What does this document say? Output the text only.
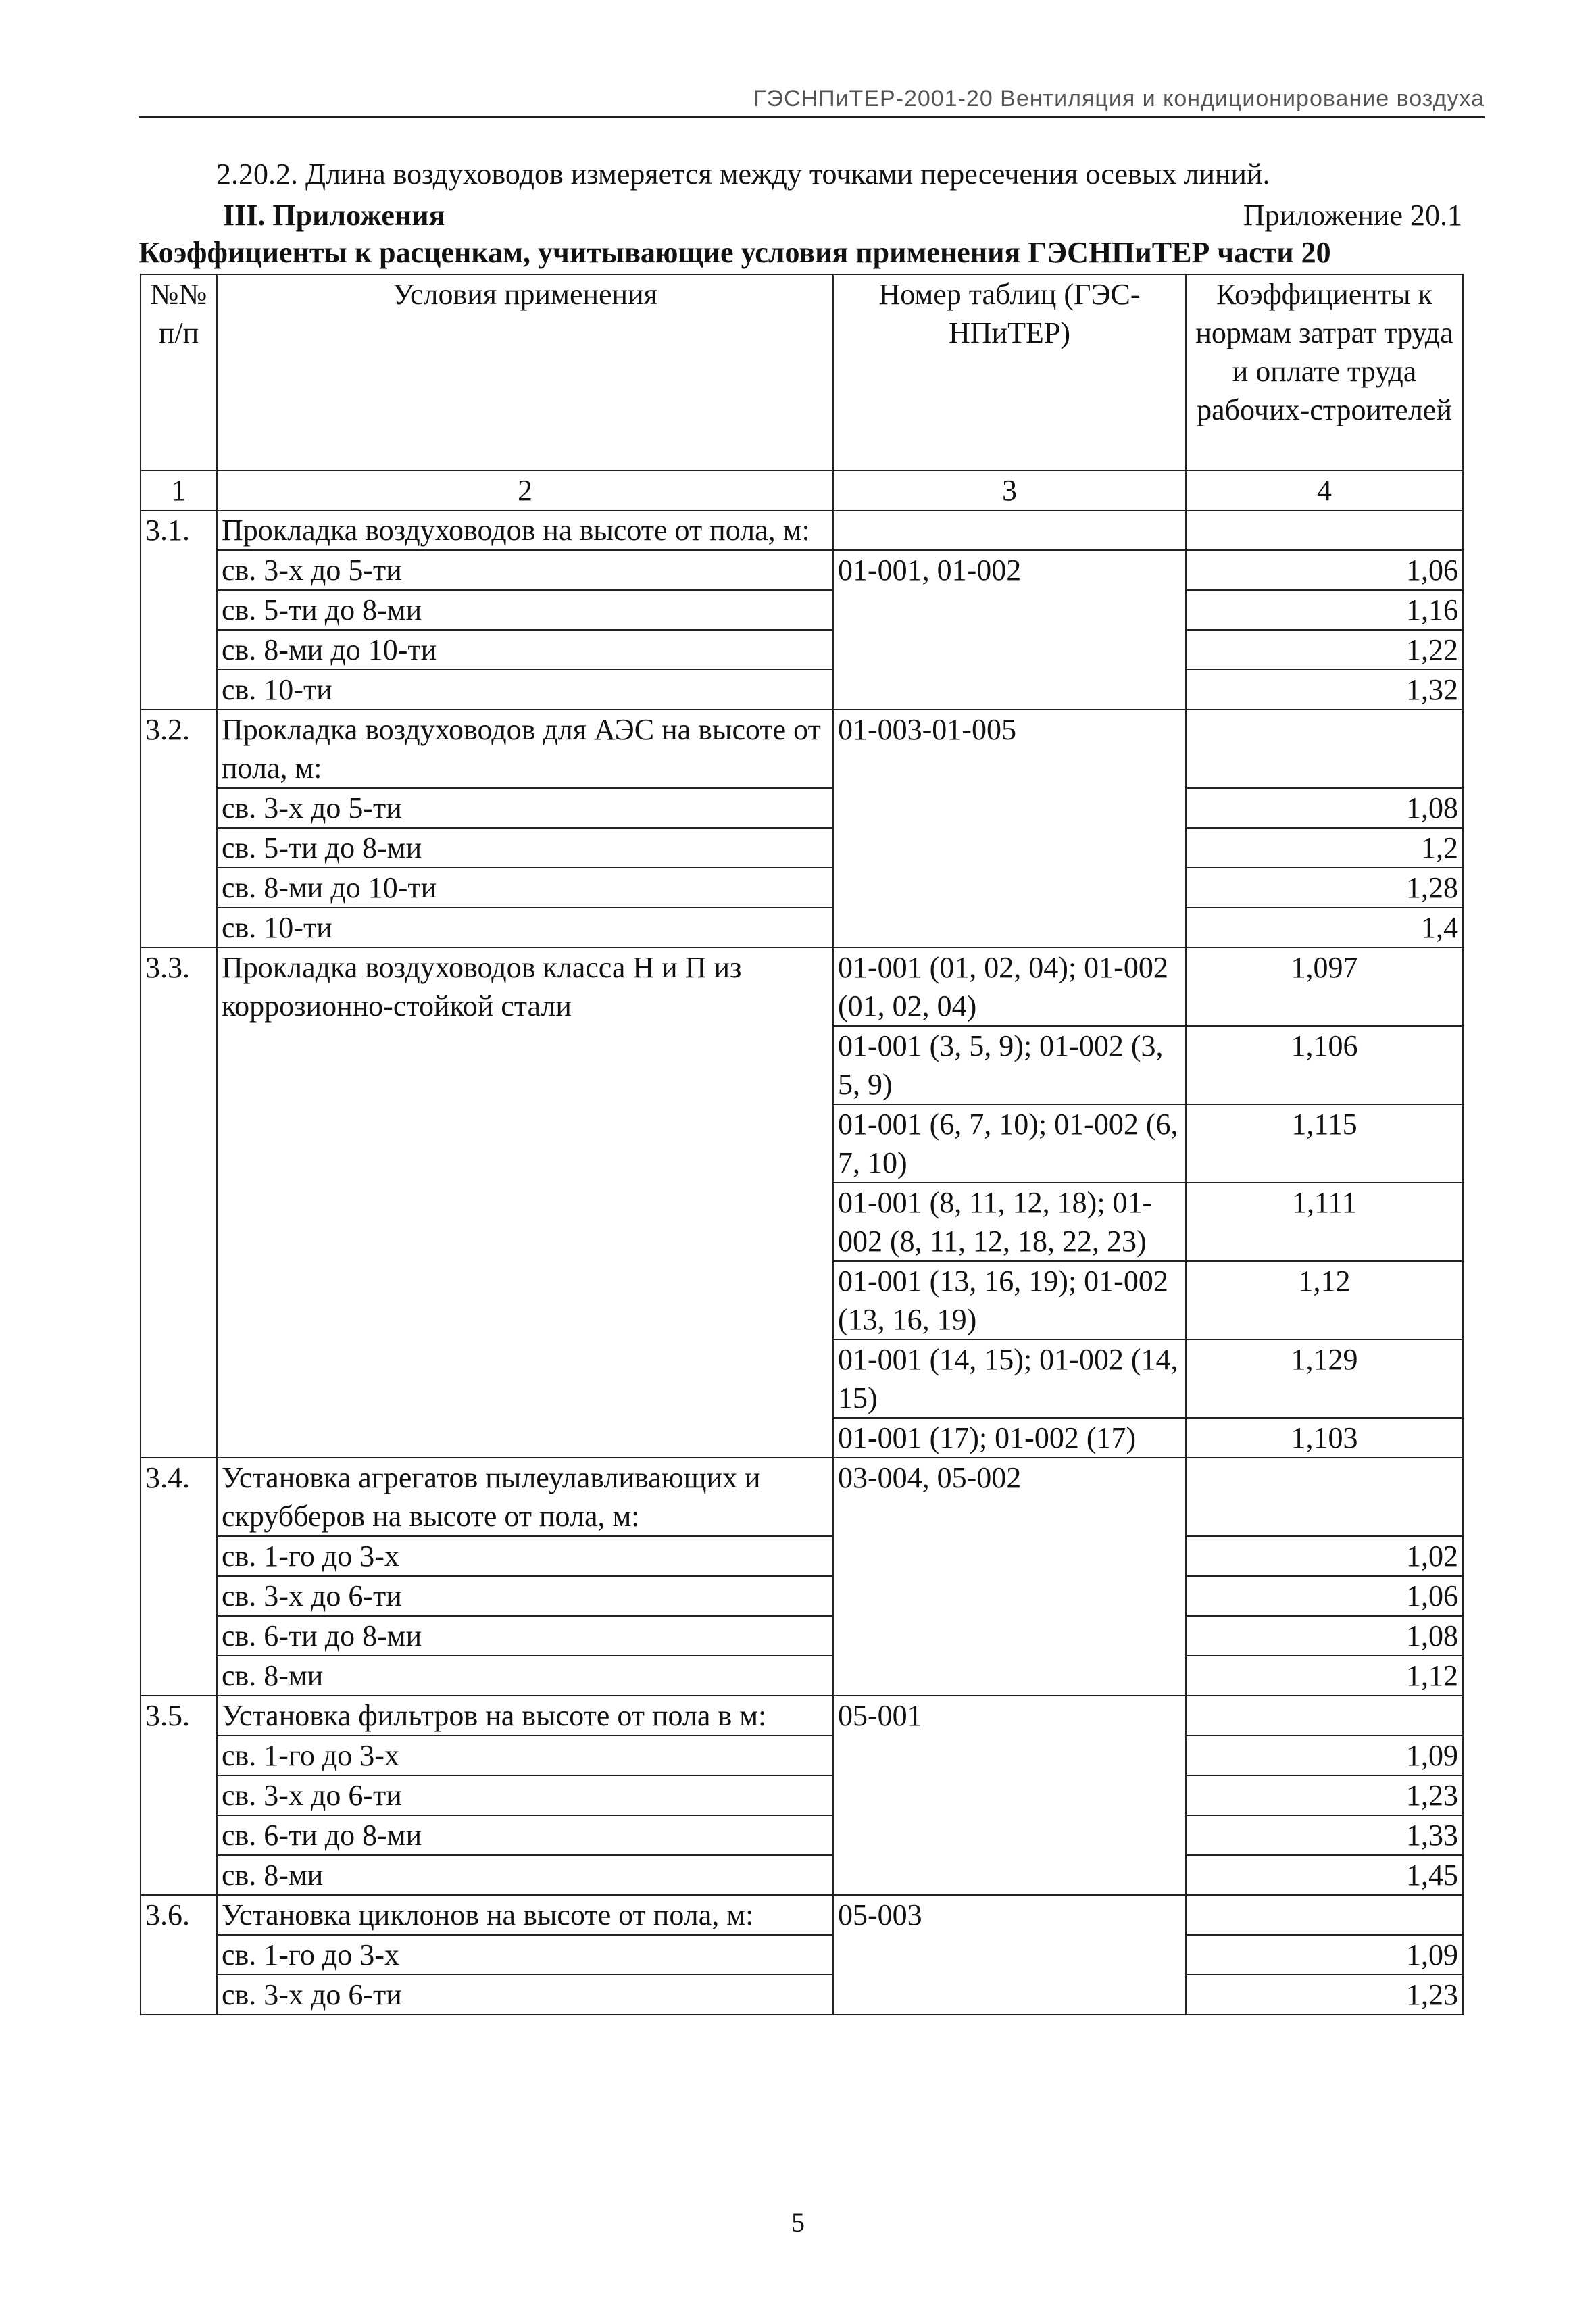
ГЭСНПиТЕР-2001-20 Вентиляция и кондиционирование воздуха
2.20.2. Длина воздуховодов измеряется между точками пересечения осевых линий.
III. Приложения	Приложение 20.1
Коэффициенты к расценкам, учитывающие условия применения ГЭСНПиТЕР части 20
№№ п/п	Условия применения	Номер таблиц (ГЭС-НПиТЕР)	Коэффициенты к нормам затрат труда и оплате труда рабочих-строителей
1	2	3	4
3.1.	Прокладка воздуховодов на высоте от пола, м:		
	св. 3-х до 5-ти	01-001, 01-002	1,06
	св. 5-ти до 8-ми		1,16
	св. 8-ми до 10-ти		1,22
	св. 10-ти		1,32
3.2.	Прокладка воздуховодов для АЭС на высоте от пола, м:	01-003-01-005	
	св. 3-х до 5-ти		1,08
	св. 5-ти до 8-ми		1,2
	св. 8-ми до 10-ти		1,28
	св. 10-ти		1,4
3.3.	Прокладка воздуховодов класса Н и П из коррозионно-стойкой стали	01-001 (01, 02, 04); 01-002 (01, 02, 04)	1,097
		01-001 (3, 5, 9); 01-002 (3, 5, 9)	1,106
		01-001 (6, 7, 10); 01-002 (6, 7, 10)	1,115
		01-001 (8, 11, 12, 18); 01-002 (8, 11, 12, 18, 22, 23)	1,111
		01-001 (13, 16, 19); 01-002 (13, 16, 19)	1,12
		01-001 (14, 15); 01-002 (14, 15)	1,129
		01-001 (17); 01-002 (17)	1,103
3.4.	Установка агрегатов пылеулавливающих и скрубберов на высоте от пола, м:	03-004, 05-002	
	св. 1-го до 3-х		1,02
	св. 3-х до 6-ти		1,06
	св. 6-ти до 8-ми		1,08
	св. 8-ми		1,12
3.5.	Установка фильтров на высоте от пола в м:	05-001	
	св. 1-го до 3-х		1,09
	св. 3-х до 6-ти		1,23
	св. 6-ти до 8-ми		1,33
	св. 8-ми		1,45
3.6.	Установка циклонов на высоте от пола, м:	05-003	
	св. 1-го до 3-х		1,09
	св. 3-х до 6-ти		1,23
5
